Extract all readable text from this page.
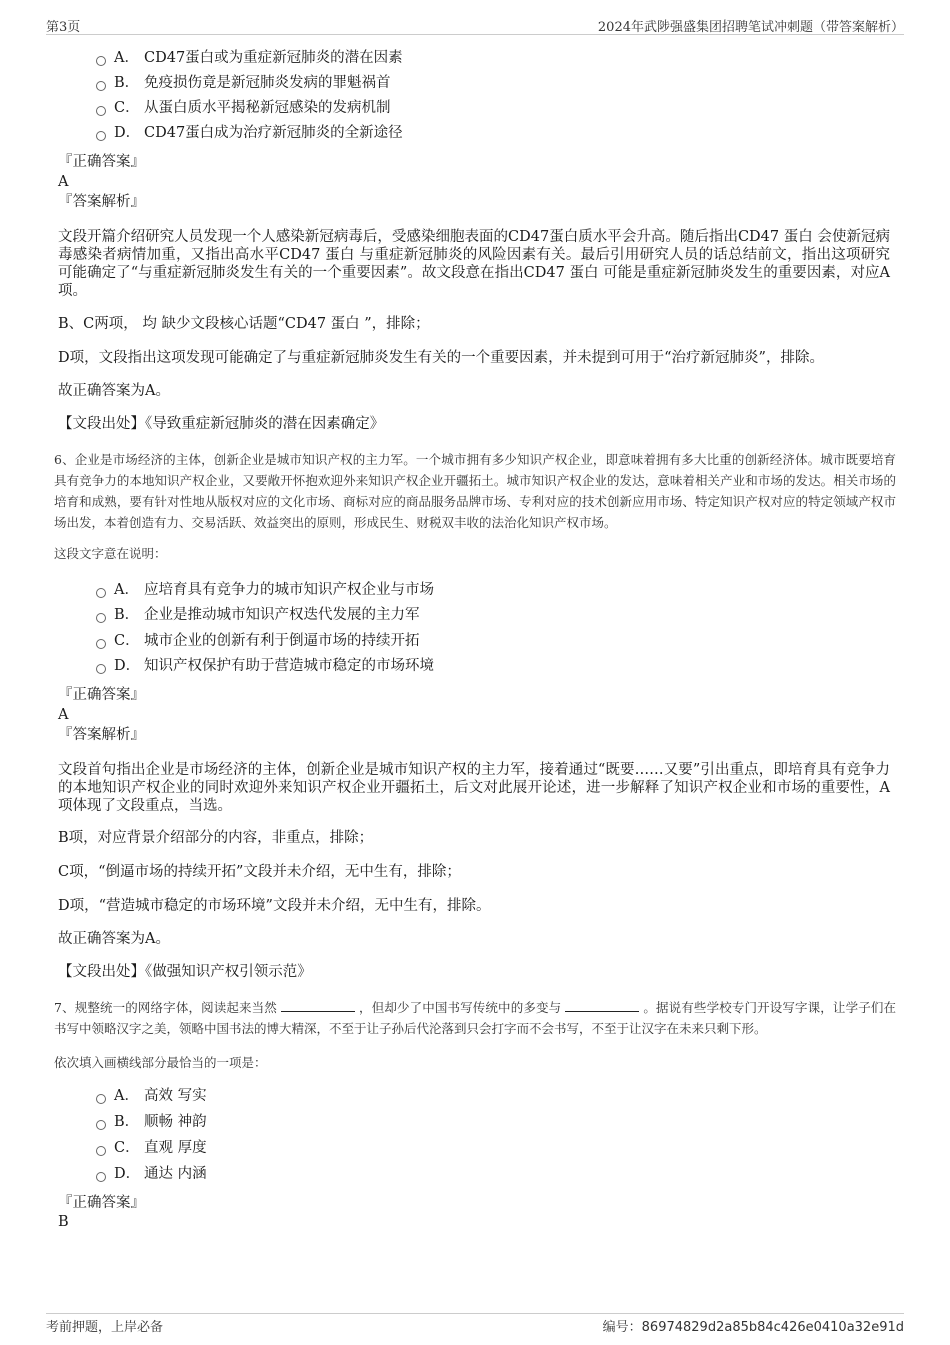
第3页	2024年武陟强盛集团招聘笔试冲刺题（带答案解析）
A． CD47蛋白或为重症新冠肺炎的潜在因素
B． 免疫损伤竟是新冠肺炎发病的罪魁祸首
C． 从蛋白质水平揭秘新冠感染的发病机制
D． CD47蛋白成为治疗新冠肺炎的全新途径
『正确答案』
A
『答案解析』
文段开篇介绍研究人员发现一个人感染新冠病毒后，受感染细胞表面的CD47蛋白质水平会升高。随后指出CD47 蛋白 会使新冠病毒感染者病情加重，又指出高水平CD47 蛋白 与重症新冠肺炎的风险因素有关。最后引用研究人员的话总结前文，指出这项研究可能确定了“与重症新冠肺炎发生有关的一个重要因素”。故文段意在指出CD47 蛋白 可能是重症新冠肺炎发生的重要因素，对应A项。
B、C两项， 均 缺少文段核心话题“CD47 蛋白 ”，排除；
D项，文段指出这项发现可能确定了与重症新冠肺炎发生有关的一个重要因素，并未提到可用于“治疗新冠肺炎”，排除。
故正确答案为A。
【文段出处】《导致重症新冠肺炎的潜在因素确定》
6、企业是市场经济的主体，创新企业是城市知识产权的主力军。一个城市拥有多少知识产权企业，即意味着拥有多大比重的创新经济体。城市既要培育具有竞争力的本地知识产权企业，又要敞开怀抱欢迎外来知识产权企业开疆拓土。城市知识产权企业的发达，意味着相关产业和市场的发达。相关市场的培育和成熟，要有针对性地从版权对应的文化市场、商标对应的商品服务品牌市场、专利对应的技术创新应用市场、特定知识产权对应的特定领域产权市场出发，本着创造有力、交易活跃、效益突出的原则，形成民生、财税双丰收的法治化知识产权市场。
这段文字意在说明：
A． 应培育具有竞争力的城市知识产权企业与市场
B． 企业是推动城市知识产权迭代发展的主力军
C． 城市企业的创新有利于倒逼市场的持续开拓
D． 知识产权保护有助于营造城市稳定的市场环境
『正确答案』
A
『答案解析』
文段首句指出企业是市场经济的主体，创新企业是城市知识产权的主力军，接着通过“既要……又要”引出重点，即培育具有竞争力的本地知识产权企业的同时欢迎外来知识产权企业开疆拓土，后文对此展开论述，进一步解释了知识产权企业和市场的重要性，A项体现了文段重点，当选。
B项，对应背景介绍部分的内容，非重点，排除；
C项，“倒逼市场的持续开拓”文段并未介绍，无中生有，排除；
D项，“营造城市稳定的市场环境”文段并未介绍，无中生有，排除。
故正确答案为A。
【文段出处】《做强知识产权引领示范》
7、规整统一的网络字体，阅读起来当然	，但却少了中国书写传统中的多变与	。据说有些学校专门开设写字课，让学子们在书写中领略汉字之美，领略中国书法的博大精深，不至于让子孙后代沦落到只会打字而不会书写，不至于让汉字在未来只剩下形。
依次填入画横线部分最恰当的一项是：
A． 高效 写实
B． 顺畅 神韵
C． 直观 厚度
D． 通达 内涵
『正确答案』
B
考前押题，上岸必备	编号：86974829d2a85b84c426e0410a32e91d
